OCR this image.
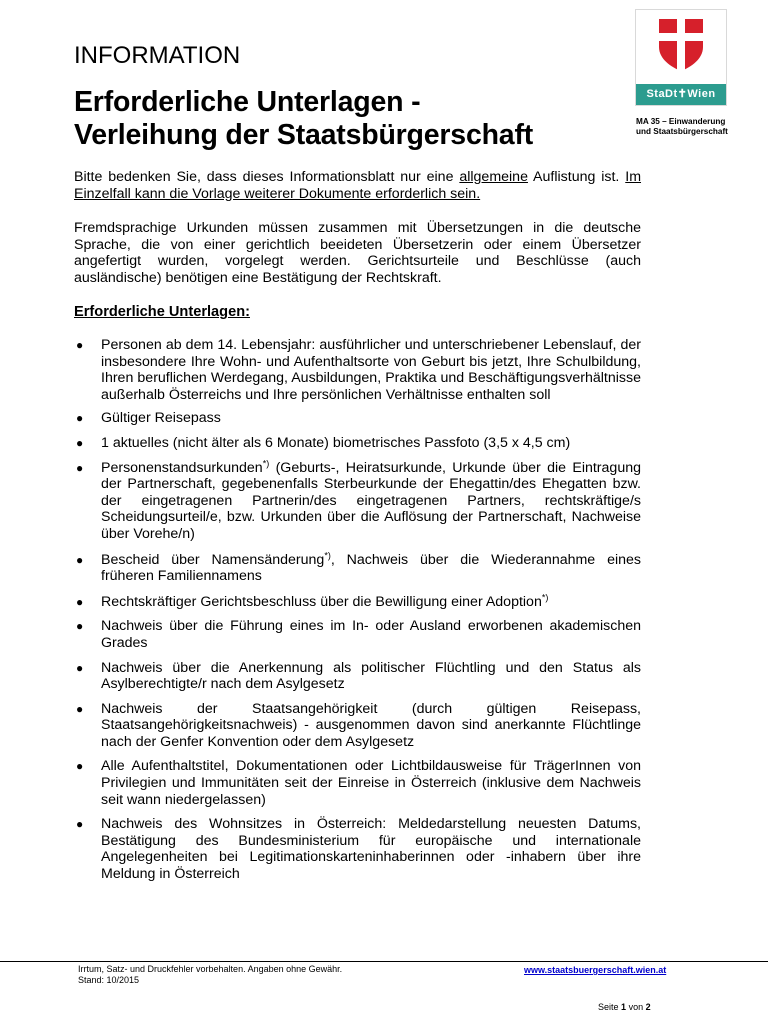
StaDt✝Wien
MA 35 – Einwanderung
und Staatsbürgerschaft
INFORMATION
Erforderliche Unterlagen -
Verleihung der Staatsbürgerschaft

Bitte bedenken Sie, dass dieses Informationsblatt nur eine allgemeine Auflistung ist. Im Einzelfall kann die Vorlage weiterer Dokumente erforderlich sein.

Fremdsprachige Urkunden müssen zusammen mit Übersetzungen in die deutsche Sprache, die von einer gerichtlich beeideten Übersetzerin oder einem Übersetzer angefertigt wurden, vorgelegt werden. Gerichtsurteile und Beschlüsse (auch ausländische) benötigen eine Bestätigung der Rechtskraft.

Erforderliche Unterlagen:
● Personen ab dem 14. Lebensjahr: ausführlicher und unterschriebener Lebenslauf, der insbesondere Ihre Wohn- und Aufenthaltsorte von Geburt bis jetzt, Ihre Schulbildung, Ihren beruflichen Werdegang, Ausbildungen, Praktika und Beschäftigungsverhältnisse außerhalb Österreichs und Ihre persönlichen Verhältnisse enthalten soll
● Gültiger Reisepass
● 1 aktuelles (nicht älter als 6 Monate) biometrisches Passfoto (3,5 x 4,5 cm)
● Personenstandsurkunden*) (Geburts-, Heiratsurkunde, Urkunde über die Eintragung der Partnerschaft, gegebenenfalls Sterbeurkunde der Ehegattin/des Ehegatten bzw. der eingetragenen Partnerin/des eingetragenen Partners, rechtskräftige/s Scheidungsurteil/e, bzw. Urkunden über die Auflösung der Partnerschaft, Nachweise über Vorehe/n)
● Bescheid über Namensänderung*), Nachweis über die Wiederannahme eines früheren Familiennamens
● Rechtskräftiger Gerichtsbeschluss über die Bewilligung einer Adoption*)
● Nachweis über die Führung eines im In- oder Ausland erworbenen akademischen Grades
● Nachweis über die Anerkennung als politischer Flüchtling und den Status als Asylberechtigte/r nach dem Asylgesetz
● Nachweis der Staatsangehörigkeit (durch gültigen Reisepass, Staatsangehörigkeitsnachweis) - ausgenommen davon sind anerkannte Flüchtlinge nach der Genfer Konvention oder dem Asylgesetz
● Alle Aufenthaltstitel, Dokumentationen oder Lichtbildausweise für TrägerInnen von Privilegien und Immunitäten seit der Einreise in Österreich (inklusive dem Nachweis seit wann niedergelassen)
● Nachweis des Wohnsitzes in Österreich: Meldedarstellung neuesten Datums, Bestätigung des Bundesministerium für europäische und internationale Angelegenheiten bei Legitimationskarteninhaberinnen oder -inhabern über ihre Meldung in Österreich
Irrtum, Satz- und Druckfehler vorbehalten. Angaben ohne Gewähr.
Stand: 10/2015
www.staatsbuergerschaft.wien.at
Seite 1 von 2
